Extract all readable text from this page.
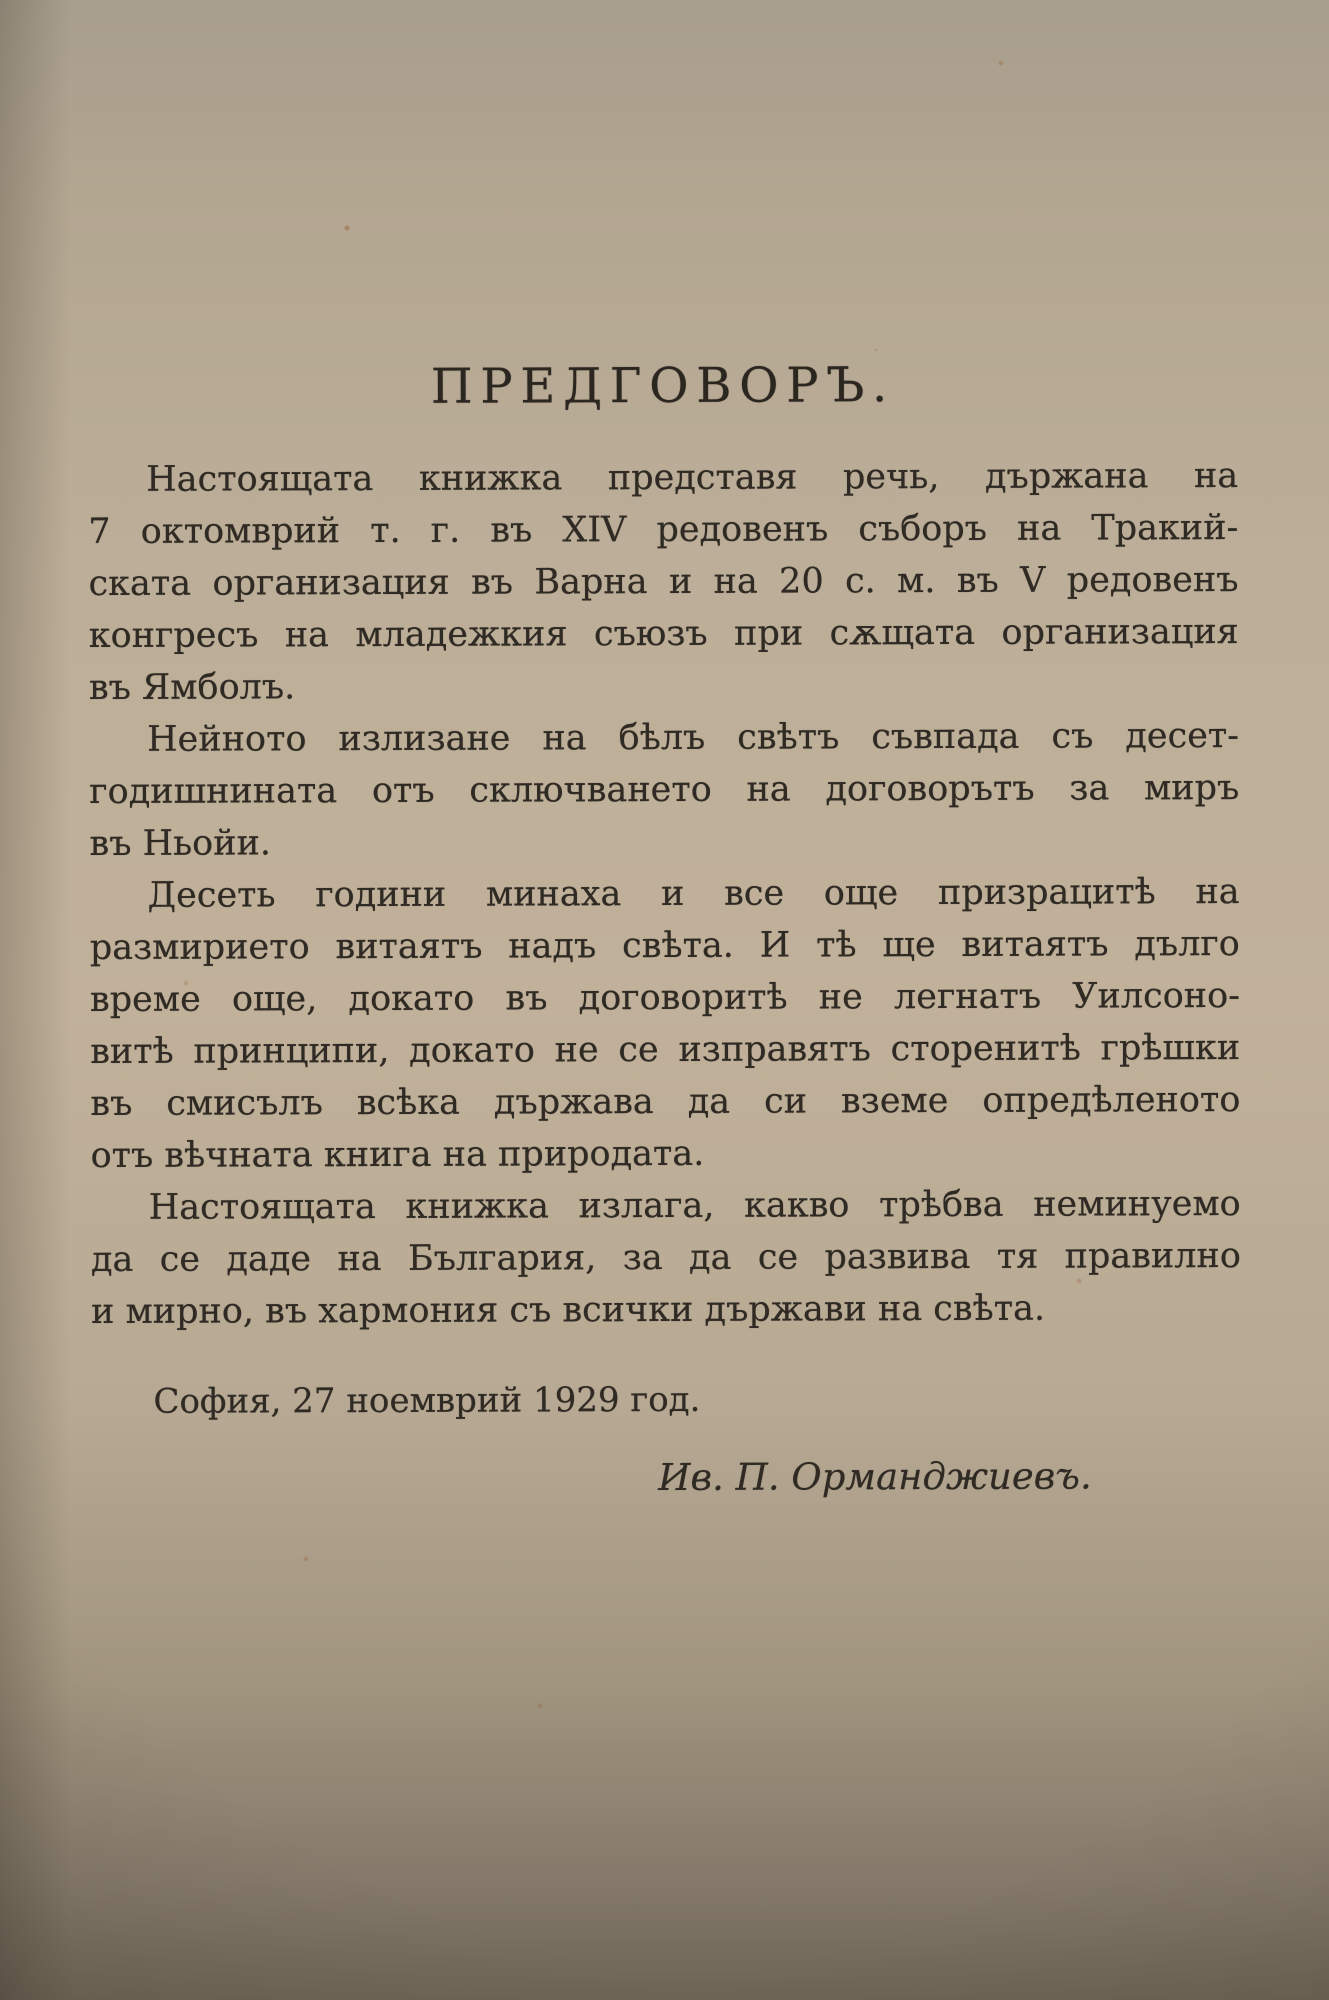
ПРЕДГОВОРЪ.
Настоящата книжка представя речь, държана на
7 октомврий т. г. въ XIV редовенъ съборъ на Тракий-
ската организация въ Варна и на 20 с. м. въ V редовенъ
конгресъ на младежкия съюзъ при сѫщата организация
въ Ямболъ.
Нейното излизане на бѣлъ свѣтъ съвпада съ десет-
годишнината отъ сключването на договорътъ за миръ
въ Ньойи.
Десеть години минаха и все още призрацитѣ на
размирието витаятъ надъ свѣта. И тѣ ще витаятъ дълго
време още, докато въ договоритѣ не легнатъ Уилсоно-
витѣ принципи, докато не се изправятъ сторенитѣ грѣшки
въ смисълъ всѣка държава да си вземе опредѣленото
отъ вѣчната книга на природата.
Настоящата книжка излага, какво трѣбва неминуемо
да се даде на България, за да се развива тя правилно
и мирно, въ хармония съ всички държави на свѣта.
София, 27 ноемврий 1929 год.
Ив. П. Орманджиевъ.
